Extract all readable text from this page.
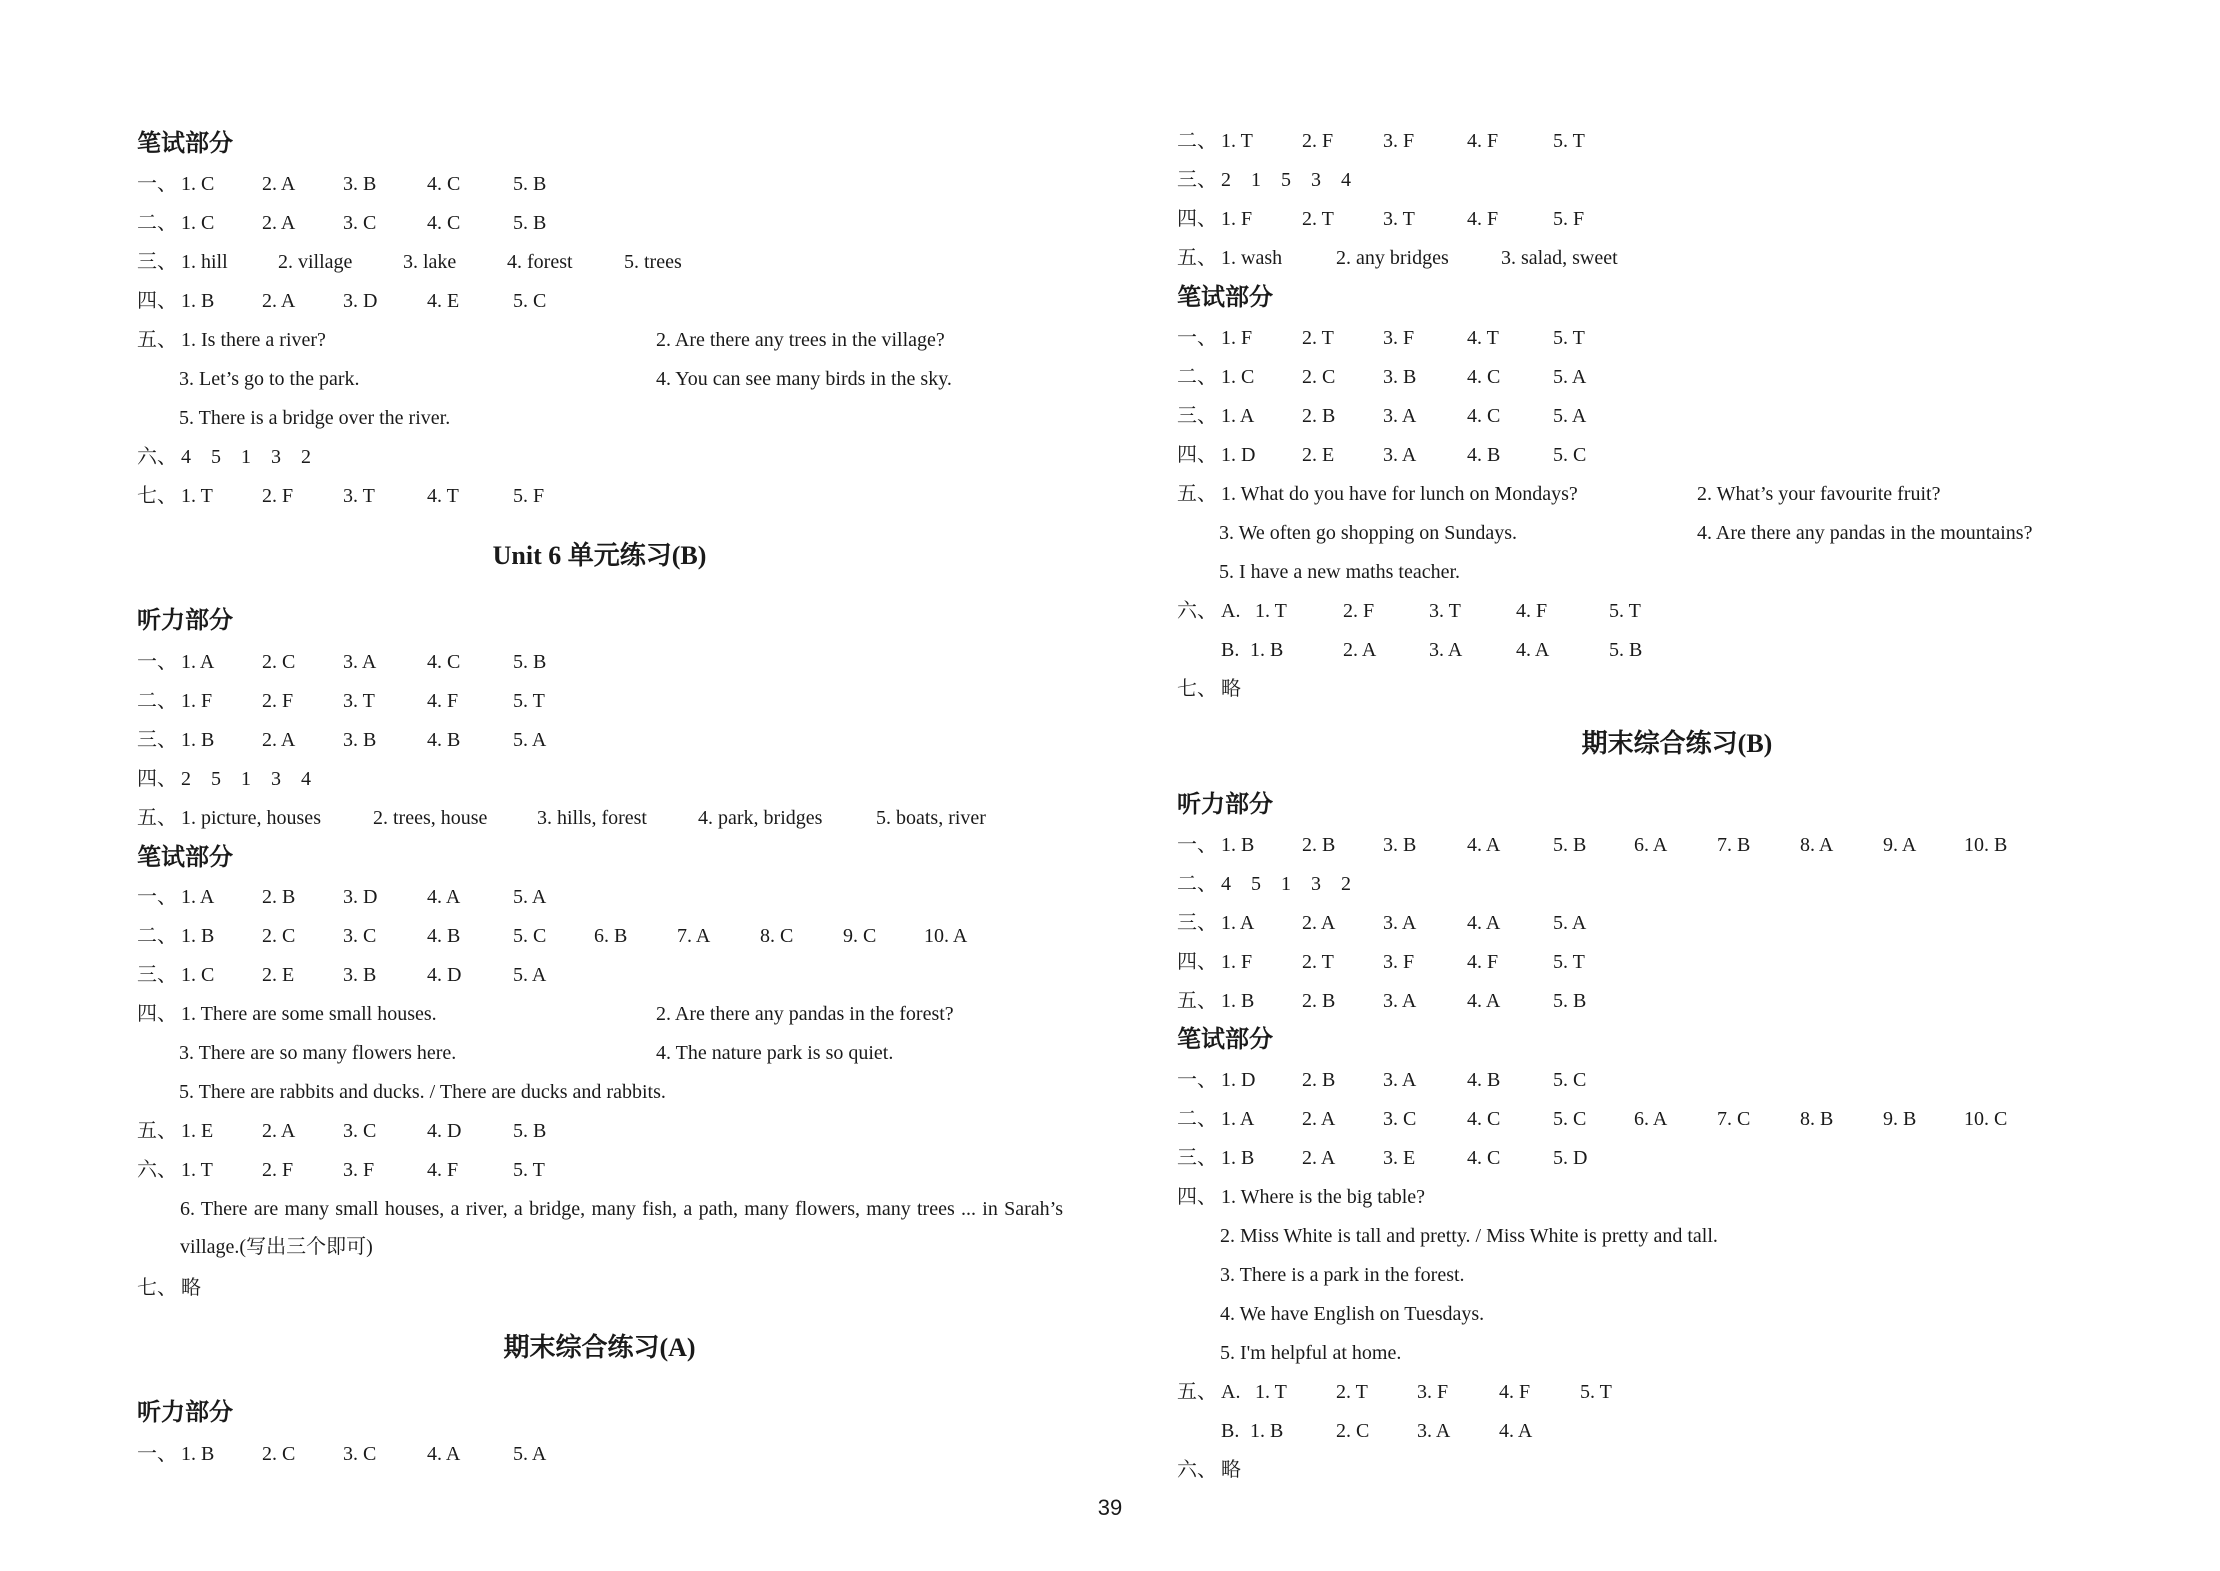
笔试部分
一、 1. C 2. A 3. B	4. C	5. B
二、 1. C 2. A 3. C	4. C	5. B
三、 1. hill	2. village	3. lake	4. forest	5. trees
四、 1. B 2. A 3. D 4. E	5. C
五、 1. Is there a river?	2. Are there any trees in the village?
3. Let’s go to the park.	4. You can see many birds in the sky.
5. There is a bridge over the river.
六、 4 5 1 3 2
七、 1. T 2. F 3. T	4. T	5. F
Unit 6 单元练习(B)
听力部分
一、 1. A 2. C 3. A	4. C	5. B
二、 1. F 2. F 3. T	4. F	5. T
三、 1. B 2. A 3. B	4. B	5. A
四、 2 5 1 3 4
五、 1. picture, houses	2. trees, house 3. hills, forest	4. park, bridges	5. boats, river
笔试部分
一、 1. A 2. B 3. D 4. A	5. A
二、 1. B 2. C 3. C	4. B	5. C 6. B 7. A 8. C 9. C 10. A
三、 1. C 2. E 3. B	4. D	5. A
四、 1. There are some small houses.	2. Are there any pandas in the forest?
3. There are so many flowers here.	4. The nature park is so quiet.
5. There are rabbits and ducks. / There are ducks and rabbits.
五、 1. E 2. A 3. C	4. D	5. B
六、 1. T 2. F 3. F	4. F	5. T
6. There are many small houses, a river, a bridge, many fish, a path, many flowers, many trees ... in Sarah’s village.(写出三个即可)
七、 略
期末综合练习(A)
听力部分
一、 1. B 2. C 3. C	4. A	5. A
二、 1. T 2. F 3. F	4. F	5. T
三、 2 1 5 3 4
四、 1. F 2. T 3. T	4. F	5. F
五、 1. wash	2. any bridges	3. salad, sweet
笔试部分
一、 1. F 2. T 3. F	4. T	5. T
二、 1. C 2. C 3. B	4. C	5. A
三、 1. A 2. B 3. A	4. C	5. A
四、 1. D 2. E 3. A	4. B	5. C
五、 1. What do you have for lunch on Mondays?	2. What’s your favourite fruit?
3. We often go shopping on Sundays.	4. Are there any pandas in the mountains?
5. I have a new maths teacher.
六、 A. 1. T	2. F	3. T	4. F	5. T
B. 1. B	2. A	3. A	4. A	5. B
七、 略
期末综合练习(B)
听力部分
一、 1. B 2. B 3. B	4. A	5. B 6. A 7. B 8. A 9. A 10. B
二、 4 5 1 3 2
三、 1. A 2. A 3. A	4. A	5. A
四、 1. F 2. T 3. F	4. F	5. T
五、 1. B 2. B 3. A	4. A	5. B
笔试部分
一、 1. D 2. B 3. A	4. B	5. C
二、 1. A 2. A 3. C	4. C	5. C 6. A 7. C 8. B 9. B 10. C
三、 1. B 2. A 3. E	4. C	5. D
四、 1. Where is the big table?
2. Miss White is tall and pretty. / Miss White is pretty and tall.
3. There is a park in the forest.
4. We have English on Tuesdays.
5. I'm helpful at home.
五、 A. 1. T 2. T 3. F	4. F 5. T
B. 1. B	2. C 3. A 4. A
六、 略
39
